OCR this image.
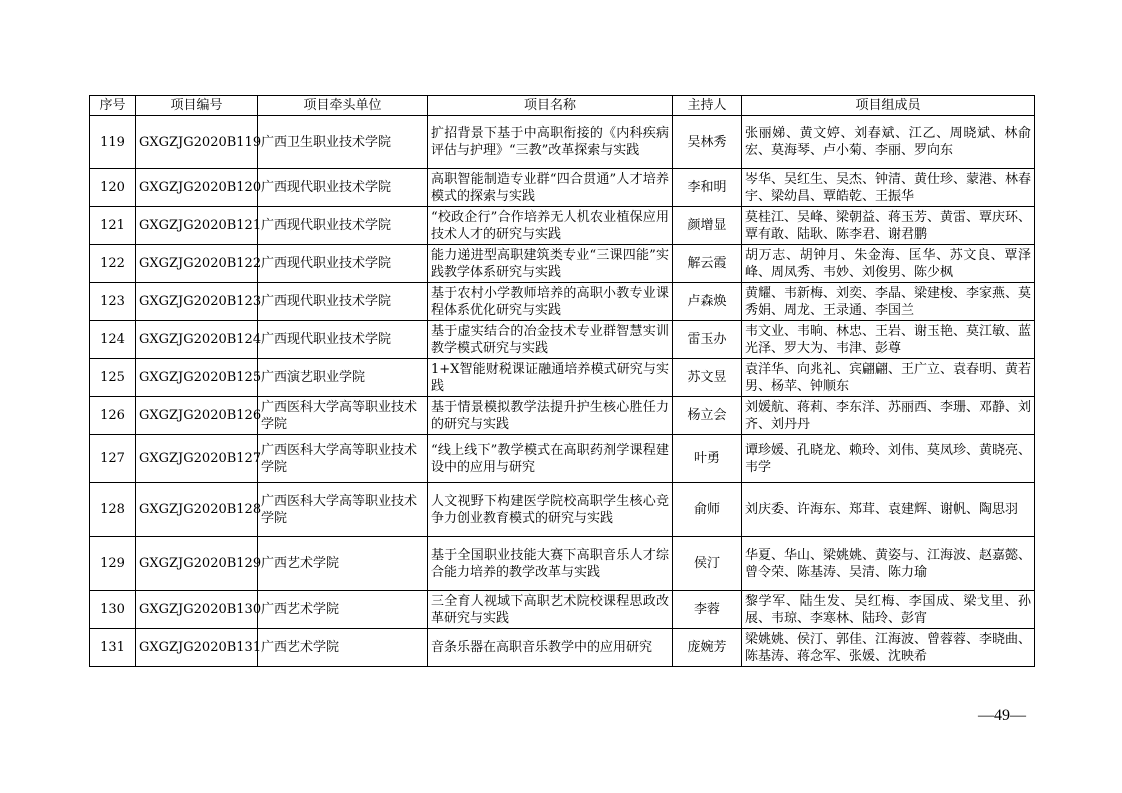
序号	项目编号	项目牵头单位	项目名称	主持人	项目组成员
119	GXGZJG2020B119	广西卫生职业技术学院	扩招背景下基于中高职衔接的《内科疾病评估与护理》“三教”改革探索与实践	吴林秀	张丽娣、黄文婷、刘春斌、江乙、周晓斌、林俞宏、莫海琴、卢小菊、李丽、罗向东
120	GXGZJG2020B120	广西现代职业技术学院	高职智能制造专业群“四合贯通”人才培养模式的探索与实践	李和明	岑华、吴红生、吴杰、钟清、黄仕珍、蒙港、林春宇、梁幼昌、覃皓乾、王振华
121	GXGZJG2020B121	广西现代职业技术学院	“校政企行”合作培养无人机农业植保应用技术人才的研究与实践	颜增显	莫桂江、吴峰、梁朝益、蒋玉芳、黄雷、覃庆环、覃有敢、陆耿、陈李君、谢君鹏
122	GXGZJG2020B122	广西现代职业技术学院	能力递进型高职建筑类专业“三课四能”实践教学体系研究与实践	解云霞	胡万志、胡钟月、朱金海、匡华、苏文良、覃泽峰、周凤秀、韦妙、刘俊男、陈少枫
123	GXGZJG2020B123	广西现代职业技术学院	基于农村小学教师培养的高职小教专业课程体系优化研究与实践	卢森焕	黄耀、韦新梅、刘奕、李晶、梁建梭、李家燕、莫秀娟、周龙、王录通、李国兰
124	GXGZJG2020B124	广西现代职业技术学院	基于虚实结合的冶金技术专业群智慧实训教学模式研究与实践	雷玉办	韦文业、韦晌、林忠、王岩、谢玉艳、莫江敏、蓝光泽、罗大为、韦津、彭尊
125	GXGZJG2020B125	广西演艺职业学院	1+X智能财税课证融通培养模式研究与实践	苏文昱	袁洋华、向兆礼、宾翩翩、王广立、袁春明、黄若男、杨苹、钟顺东
126	GXGZJG2020B126	广西医科大学高等职业技术学院	基于情景模拟教学法提升护生核心胜任力的研究与实践	杨立会	刘媛航、蒋莉、李东洋、苏丽西、李珊、邓静、刘齐、刘丹丹
127	GXGZJG2020B127	广西医科大学高等职业技术学院	“线上线下”教学模式在高职药剂学课程建设中的应用与研究	叶勇	谭珍媛、孔晓龙、赖玲、刘伟、莫凤珍、黄晓亮、韦学
128	GXGZJG2020B128	广西医科大学高等职业技术学院	人文视野下构建医学院校高职学生核心竞争力创业教育模式的研究与实践	俞师	刘庆委、许海东、郑茸、袁建辉、谢帆、陶思羽
129	GXGZJG2020B129	广西艺术学院	基于全国职业技能大赛下高职音乐人才综合能力培养的教学改革与实践	侯汀	华夏、华山、梁姚姚、黄姿与、江海波、赵嘉懿、曾令荣、陈基涛、吴清、陈力瑜
130	GXGZJG2020B130	广西艺术学院	三全育人视域下高职艺术院校课程思政改革研究与实践	李蓉	黎学军、陆生发、吴红梅、李国成、梁戈里、孙展、韦琼、李寒林、陆玲、彭宵
131	GXGZJG2020B131	广西艺术学院	音条乐器在高职音乐教学中的应用研究	庞婉芳	梁姚姚、侯汀、郭佳、江海波、曾蓉蓉、李晓曲、陈基涛、蒋念军、张媛、沈映希
—49—
